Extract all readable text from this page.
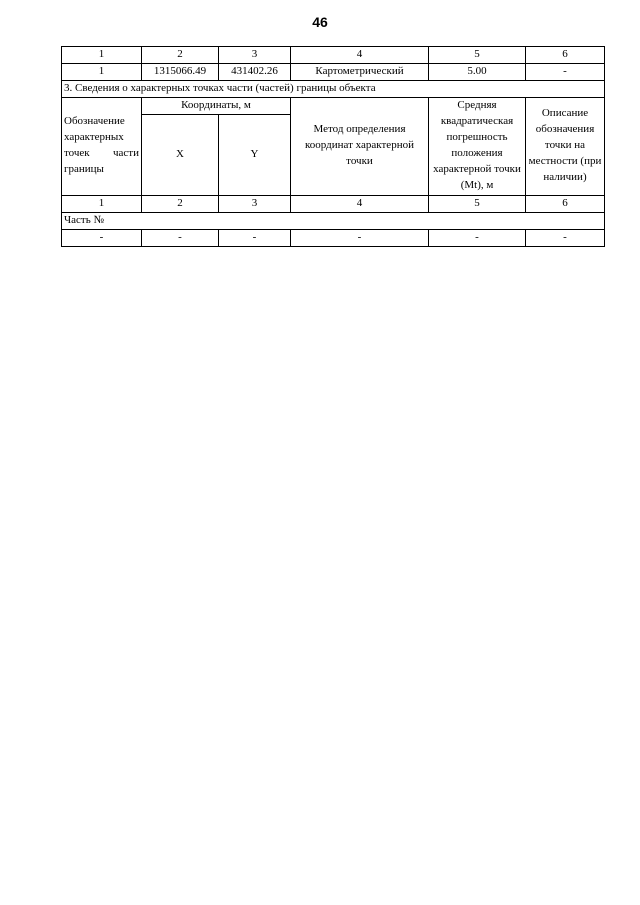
46
1	2	3	4	5	6
1	1315066.49	431402.26	Картометрический	5.00	-
3. Сведения о характерных точках части (частей) границы объекта					
Обозначение характерных точек части границы	Координаты, м		Метод определения координат характерной точки	Средняя квадратическая погрешность положения характерной точки (Mt), м	Описание обозначения точки на местности (при наличии)
	X	Y			
1	2	3	4	5	6
Часть №					
-	-	-	-	-	-
